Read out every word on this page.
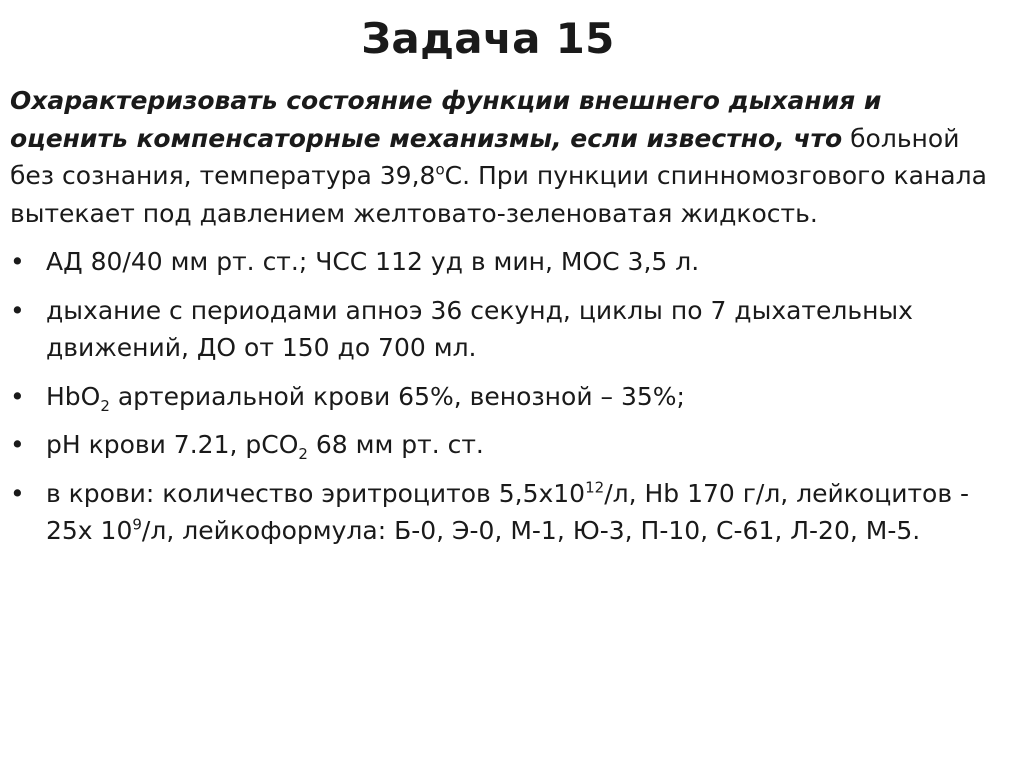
Задача 15

Охарактеризовать состояние функции внешнего дыхания и оценить компенсаторные механизмы, если известно, что больной без сознания, температура $39,8^оС$. При пункции спинномозгового канала вытекает под давлением желтовато-зеленоватая жидкость.

• АД 80/40 мм рт. ст.; ЧСС 112 уд в мин, МОС 3,5 л.
• дыхание с периодами апноэ 36 секунд, циклы по 7 дыхательных движений, ДО от 150 до 700 мл.
• HbO$_2$ артериальной крови 65%, венозной – 35%;
• pH крови 7.21, pCO$_2$ 68 мм рт. ст.
• в крови: количество эритроцитов $5,5х10^{12}/л$, Hb 170 г/л, лейкоцитов - 25х $10^9/л$, лейкоформула: Б-0, Э-0, М-1, Ю-3, П-10, С-61, Л-20, М-5.
